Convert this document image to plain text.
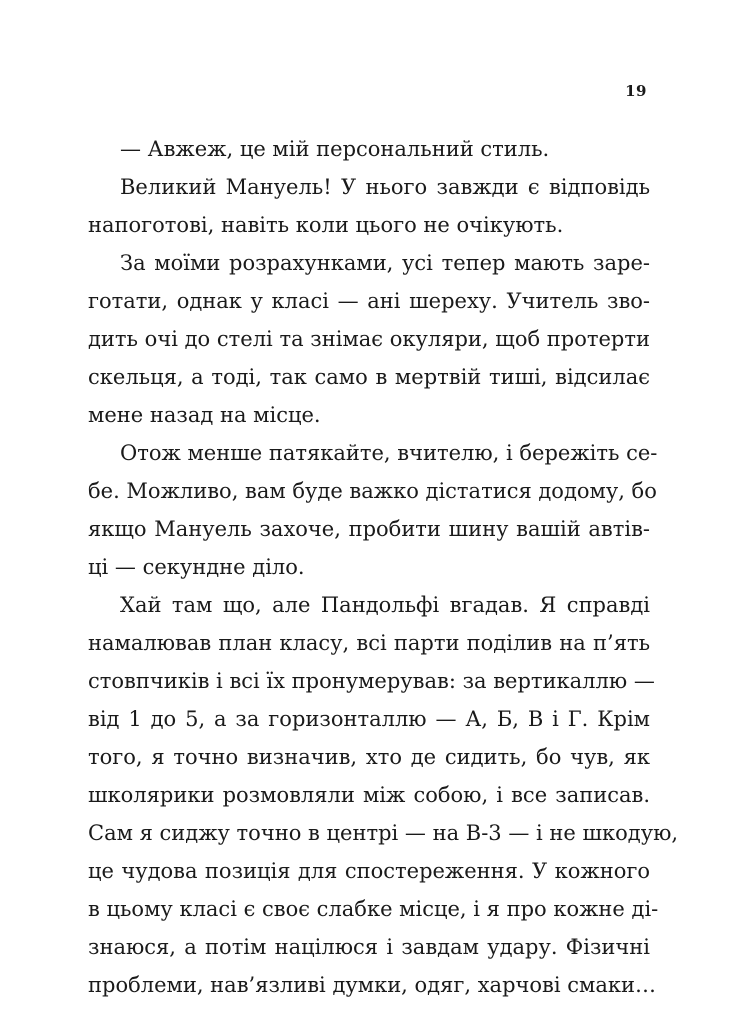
19
— Авжеж, це мій персональний стиль.
Великий Мануель! У нього завжди є відповідь
напоготові, навіть коли цього не очікують.
За моїми розрахунками, усі тепер мають заре-
готати, однак у класі — ані шереху. Учитель зво-
дить очі до стелі та знімає окуляри, щоб протерти
скельця, а тоді, так само в мертвій тиші, відсилає
мене назад на місце.
Отож менше патякайте, вчителю, і бережіть се-
бе. Можливо, вам буде важко дістатися додому, бо
якщо Мануель захоче, пробити шину вашій автів-
ці — секундне діло.
Хай там що, але Пандольфі вгадав. Я справді
намалював план класу, всі парти поділив на п’ять
стовпчиків і всі їх пронумерував: за вертикаллю —
від 1 до 5, а за горизонталлю — А, Б, В і Г. Крім
того, я точно визначив, хто де сидить, бо чув, як
школярики розмовляли між собою, і все записав.
Сам я сиджу точно в центрі — на В-3 — і не шкодую,
це чудова позиція для спостереження. У кожного
в цьому класі є своє слабке місце, і я про кожне ді-
знаюся, а потім націлюся і завдам удару. Фізичні
проблеми, нав’язливі думки, одяг, харчові смаки…
